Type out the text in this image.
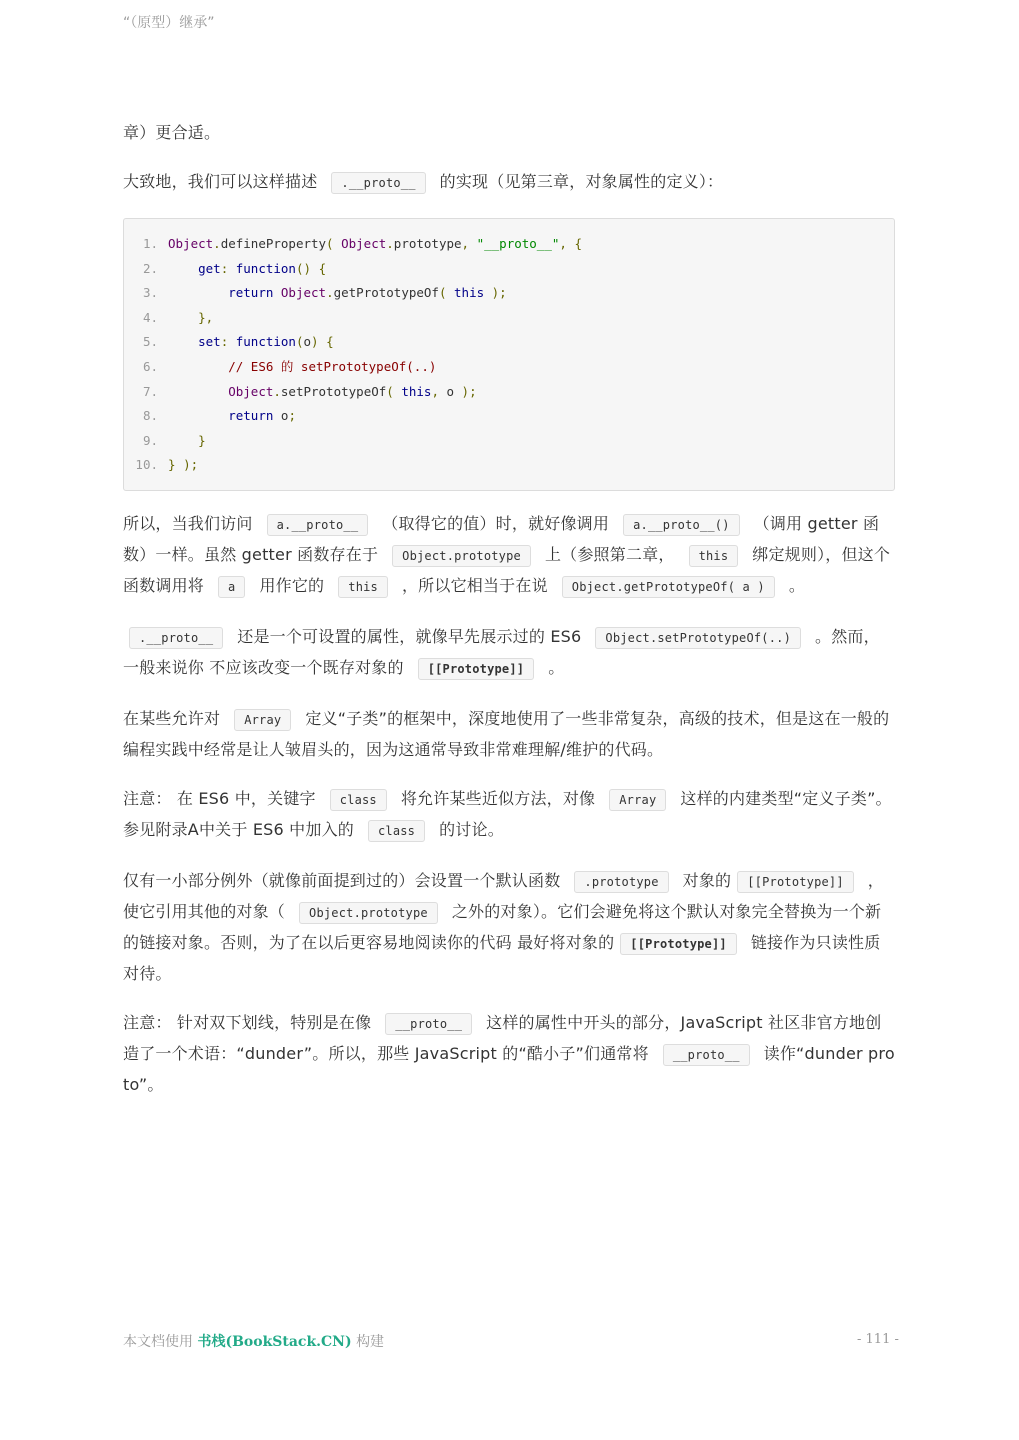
“（原型）继承”

章）更合适。

大致地，我们可以这样描述 .__proto__ 的实现（见第三章，对象属性的定义）：

1. Object.defineProperty( Object.prototype, "__proto__", {
2.	get: function() {
3.	return Object.getPrototypeOf( this );
4.	},
5.	set: function(o) {
6.	// ES6 的 setPrototypeOf(..)
7.	Object.setPrototypeOf( this, o );
8.	return o;
9.	}
10. } );

所以，当我们访问 a.__proto__ （取得它的值）时，就好像调用 a.__proto__() （调用 getter 函数）一样。虽然 getter 函数存在于 Object.prototype 上（参照第二章， this 绑定规则），但这个函数调用将 a 用作它的 this ，所以它相当于在说 Object.getPrototypeOf( a ) 。

.__proto__ 还是一个可设置的属性，就像早先展示过的 ES6 Object.setPrototypeOf(..) 。然而，一般来说你 不应该改变一个既存对象的 [[Prototype]] 。

在某些允许对 Array 定义“子类”的框架中，深度地使用了一些非常复杂，高级的技术，但是这在一般的编程实践中经常是让人皱眉头的，因为这通常导致非常难理解/维护的代码。

注意： 在 ES6 中，关键字 class 将允许某些近似方法，对像 Array 这样的内建类型“定义子类”。参见附录A中关于 ES6 中加入的 class 的讨论。

仅有一小部分例外（就像前面提到过的）会设置一个默认函数 .prototype 对象的 [[Prototype]] ，使它引用其他的对象（ Object.prototype 之外的对象）。它们会避免将这个默认对象完全替换为一个新的链接对象。否则，为了在以后更容易地阅读你的代码 最好将对象的 [[Prototype]] 链接作为只读性质对待。

注意： 针对双下划线，特别是在像 __proto__ 这样的属性中开头的部分，JavaScript 社区非官方地创造了一个术语：“dunder”。所以，那些 JavaScript 的“酷小子”们通常将 __proto__ 读作“dunder proto”。

本文档使用 书栈(BookStack.CN) 构建	- 111 -
